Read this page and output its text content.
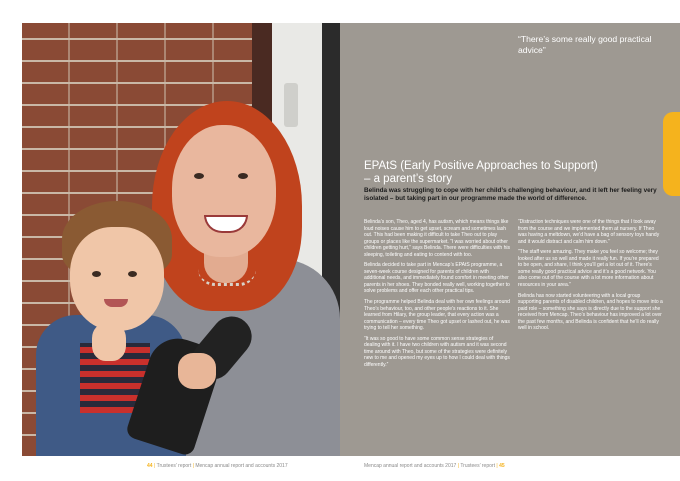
“There’s some really good practical advice”

EPAtS (Early Positive Approaches to Support)
– a parent’s story

Belinda was struggling to cope with her child’s challenging behaviour, and it left her feeling very isolated – but taking part in our programme made the world of difference.

Belinda’s son, Theo, aged 4, has autism, which means things like loud noises cause him to get upset, scream and sometimes lash out. This had been making it difficult to take Theo out to play groups or places like the supermarket. “I was worried about other children getting hurt,” says Belinda. There were difficulties with his sleeping, toileting and eating to contend with too.

Belinda decided to take part in Mencap’s EPAtS programme, a seven-week course designed for parents of children with additional needs, and immediately found comfort in meeting other parents in her shoes. They bonded really well, working together to solve problems and offer each other practical tips.

The programme helped Belinda deal with her own feelings around Theo’s behaviour, too, and other people’s reactions to it. She learned from Hilary, the group leader, that every action was a communication – every time Theo got upset or lashed out, he was trying to tell her something.

“It was so good to have some common sense strategies of dealing with it. I have two children with autism and it was second time around with Theo, but some of the strategies were definitely new to me and opened my eyes up to how I could deal with things differently.”

“Distraction techniques were one of the things that I took away from the course and we implemented them at nursery. If Theo was having a meltdown, we’d have a bag of sensory toys handy and it would distract and calm him down.”

“The staff were amazing. They make you feel so welcome; they looked after us so well and made it really fun. If you’re prepared to be open, and share, I think you’ll get a lot out of it. There’s some really good practical advice and it’s a good network. You also come out of the course with a lot more information about resources in your area.”

Belinda has now started volunteering with a local group supporting parents of disabled children, and hopes to move into a paid role – something she says is directly due to the support she received from Mencap. Theo’s behaviour has improved a lot over the past few months, and Belinda is confident that he’ll do really well in school.

44 | Trustees’ report | Mencap annual report and accounts 2017	Mencap annual report and accounts 2017 | Trustees’ report | 45
